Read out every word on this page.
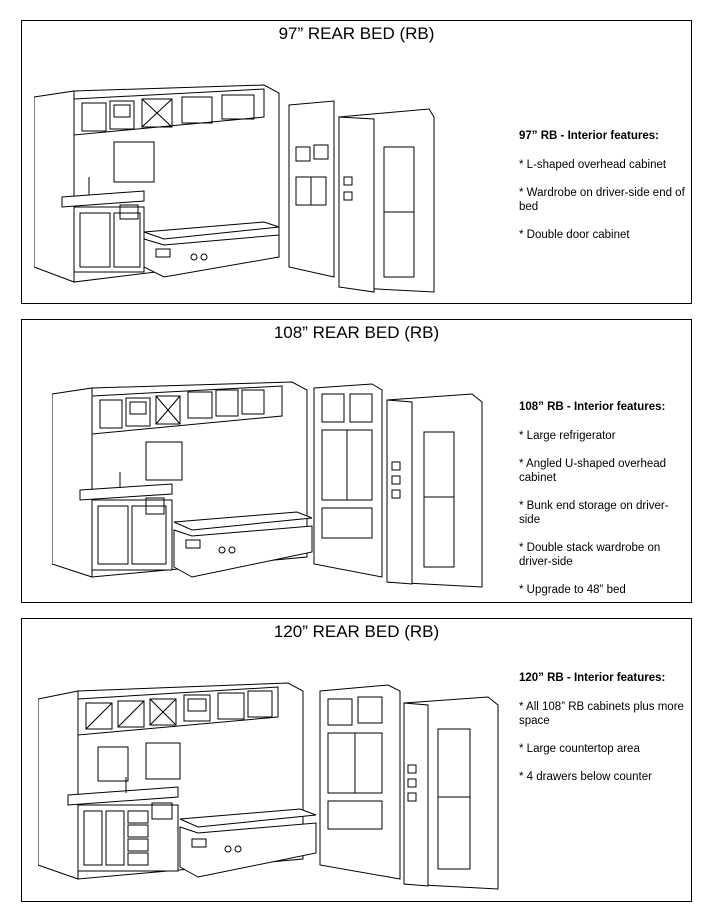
97” REAR BED (RB)
97” RB - Interior features:
* L-shaped overhead cabinet
* Wardrobe on driver-side end of bed
* Double door cabinet
108” REAR BED (RB)
108” RB - Interior features:
* Large refrigerator
* Angled U-shaped overhead cabinet
* Bunk end storage on driver-side
* Double stack wardrobe on driver-side
* Upgrade to 48” bed
120” REAR BED (RB)
120” RB - Interior features:
* All 108” RB cabinets plus more space
* Large countertop area
* 4 drawers below counter
